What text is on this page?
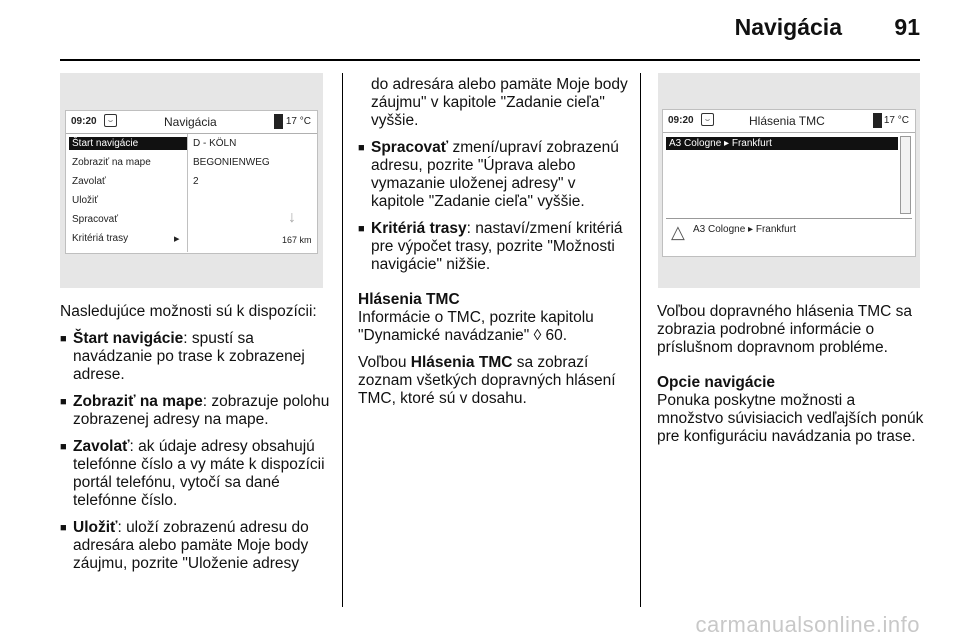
Navigácia 91
09:20	⌣	Navigácia	17 °C
Štart navigácie
Zobraziť na mape
Zavolať
Uložiť
Spracovať
Kritériá trasy	▸
D - KÖLN
BEGONIENWEG
2
↓
167 km

Nasledujúce možnosti sú k dispozícii:

■ Štart navigácie: spustí sa navádzanie po trase k zobrazenej adrese.
■ Zobraziť na mape: zobrazuje polohu zobrazenej adresy na mape.
■ Zavolať: ak údaje adresy obsahujú telefónne číslo a vy máte k dispozícii portál telefónu, vytočí sa dané telefónne číslo.
■ Uložiť: uloží zobrazenú adresu do adresára alebo pamäte Moje body záujmu, pozrite "Uloženie adresy

do adresára alebo pamäte Moje body záujmu" v kapitole "Zadanie cieľa" vyššie.

■ Spracovať zmení/upraví zobrazenú adresu, pozrite "Úprava alebo vymazanie uloženej adresy" v kapitole "Zadanie cieľa" vyššie.
■ Kritériá trasy: nastaví/zmení kritériá pre výpočet trasy, pozrite "Možnosti navigácie" nižšie.

Hlásenia TMC

Informácie o TMC, pozrite kapitolu "Dynamické navádzanie" ◊ 60.

Voľbou Hlásenia TMC sa zobrazí zoznam všetkých dopravných hlásení TMC, ktoré sú v dosahu.

09:20	⌣	Hlásenia TMC	17 °C
A3 Cologne ▸ Frankfurt
△ A3 Cologne ▸ Frankfurt

Voľbou dopravného hlásenia TMC sa zobrazia podrobné informácie o príslušnom dopravnom probléme.

Opcie navigácie

Ponuka poskytne možnosti a množstvo súvisiacich vedľajších ponúk pre konfiguráciu navádzania po trase.

carmanualsonline.info
